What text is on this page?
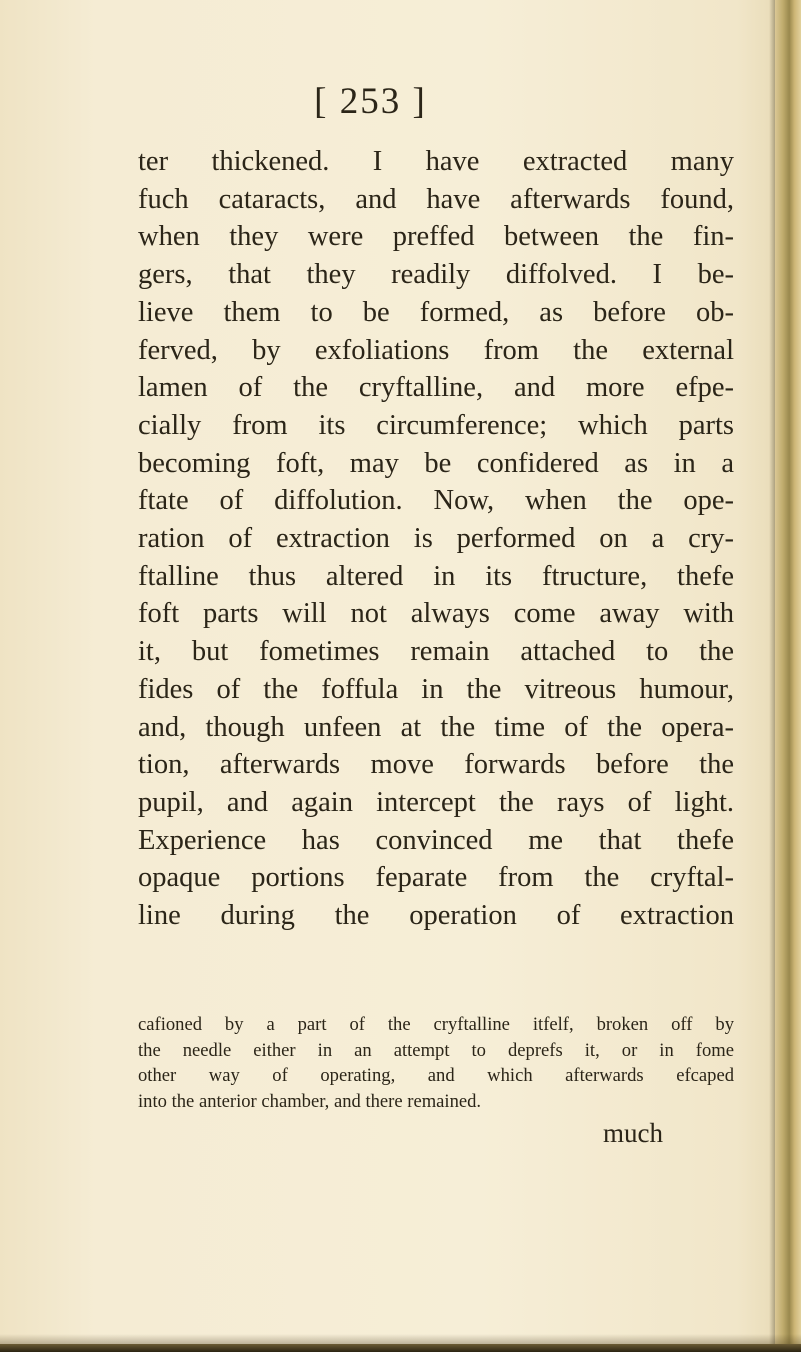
[ 253 ]
ter thickened. I have extracted many
fuch cataracts, and have afterwards found,
when they were preffed between the fin-
gers, that they readily diffolved. I be-
lieve them to be formed, as before ob-
ferved, by exfoliations from the external
lamen of the cryftalline, and more efpe-
cially from its circumference; which parts
becoming foft, may be confidered as in a
ftate of diffolution. Now, when the ope-
ration of extraction is performed on a cry-
ftalline thus altered in its ftructure, thefe
foft parts will not always come away with
it, but fometimes remain attached to the
fides of the foffula in the vitreous humour,
and, though unfeen at the time of the opera-
tion, afterwards move forwards before the
pupil, and again intercept the rays of light.
Experience has convinced me that thefe
opaque portions feparate from the cryftal-
line during the operation of extraction
cafioned by a part of the cryftalline itfelf, broken off by
the needle either in an attempt to deprefs it, or in fome
other way of operating, and which afterwards efcaped
into the anterior chamber, and there remained.
much
